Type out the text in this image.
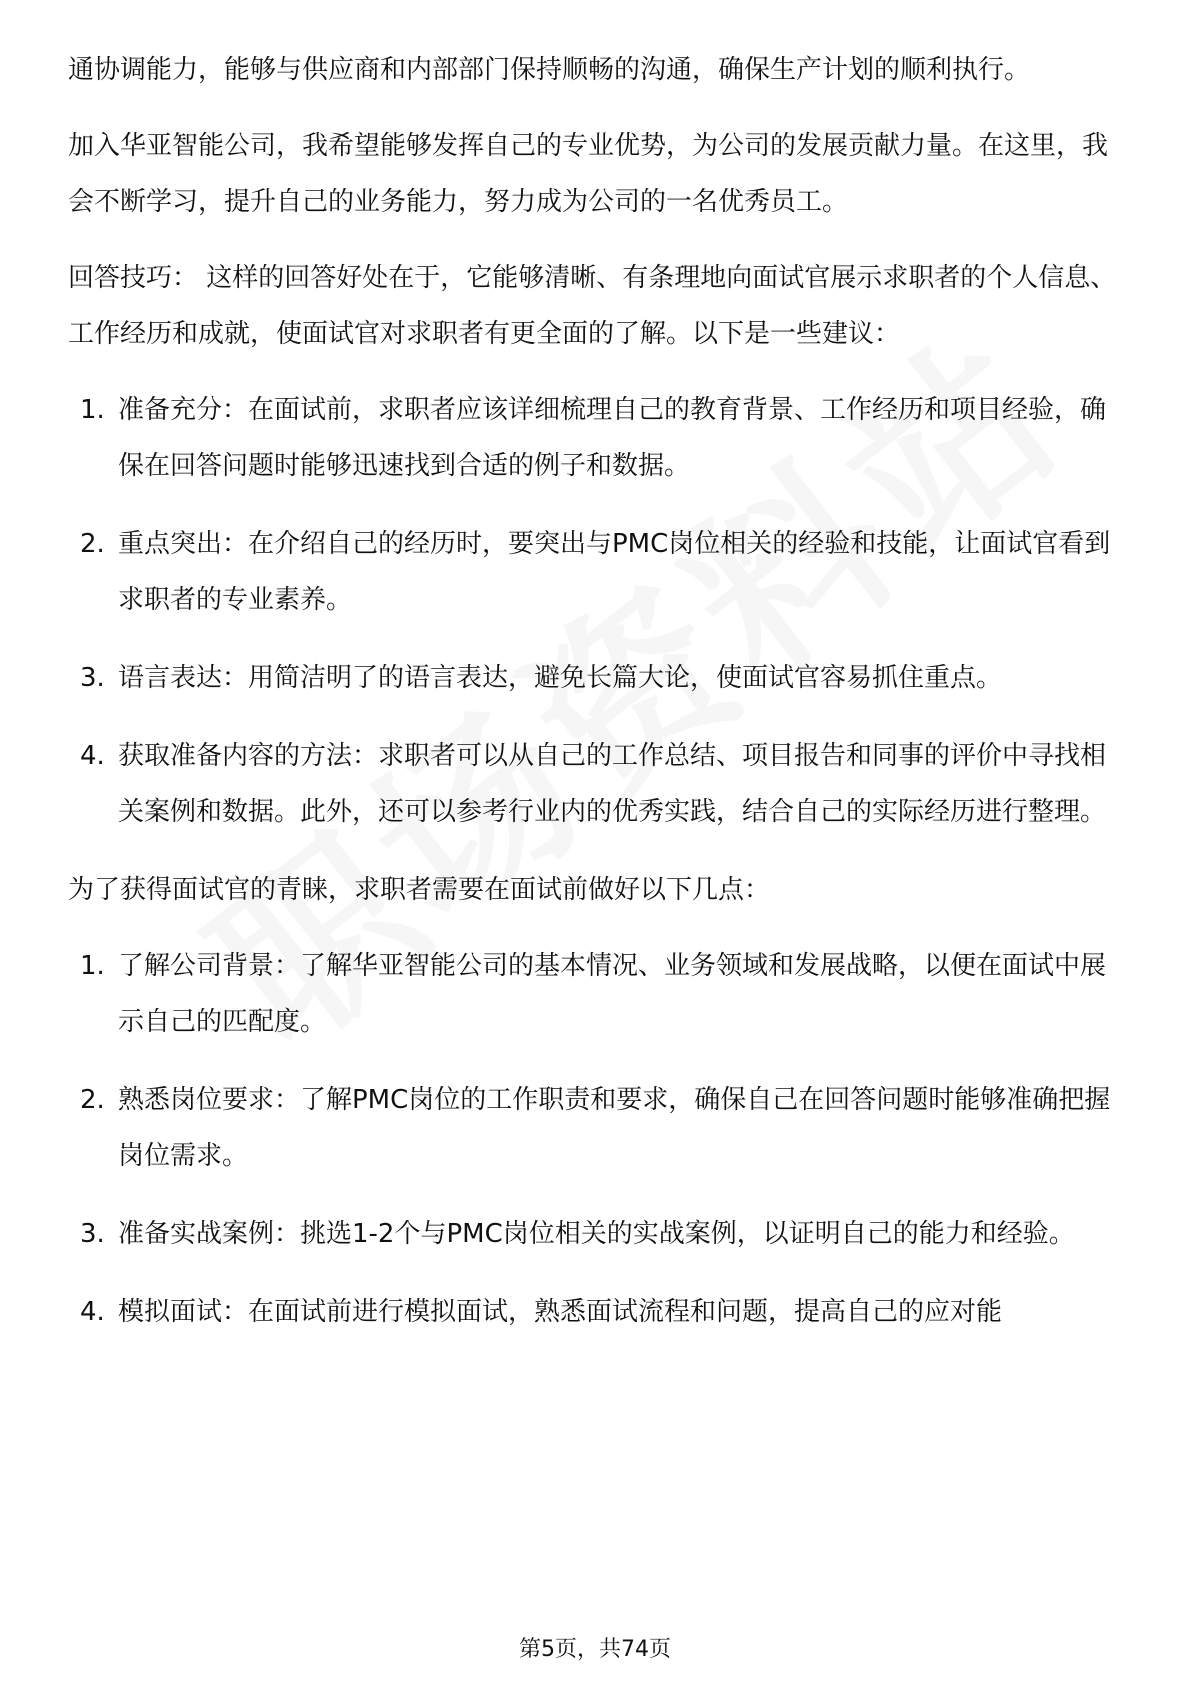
通协调能力，能够与供应商和内部部门保持顺畅的沟通，确保生产计划的顺利执行。

加入华亚智能公司，我希望能够发挥自己的专业优势，为公司的发展贡献力量。在这里，我会不断学习，提升自己的业务能力，努力成为公司的一名优秀员工。

回答技巧： 这样的回答好处在于，它能够清晰、有条理地向面试官展示求职者的个人信息、工作经历和成就，使面试官对求职者有更全面的了解。以下是一些建议：

1. 准备充分：在面试前，求职者应该详细梳理自己的教育背景、工作经历和项目经验，确保在回答问题时能够迅速找到合适的例子和数据。
2. 重点突出：在介绍自己的经历时，要突出与PMC岗位相关的经验和技能，让面试官看到求职者的专业素养。
3. 语言表达：用简洁明了的语言表达，避免长篇大论，使面试官容易抓住重点。
4. 获取准备内容的方法：求职者可以从自己的工作总结、项目报告和同事的评价中寻找相关案例和数据。此外，还可以参考行业内的优秀实践，结合自己的实际经历进行整理。

为了获得面试官的青睐，求职者需要在面试前做好以下几点：

1. 了解公司背景：了解华亚智能公司的基本情况、业务领域和发展战略，以便在面试中展示自己的匹配度。
2. 熟悉岗位要求：了解PMC岗位的工作职责和要求，确保自己在回答问题时能够准确把握岗位需求。
3. 准备实战案例：挑选1-2个与PMC岗位相关的实战案例，以证明自己的能力和经验。
4. 模拟面试：在面试前进行模拟面试，熟悉面试流程和问题，提高自己的应对能
第5页，共74页
